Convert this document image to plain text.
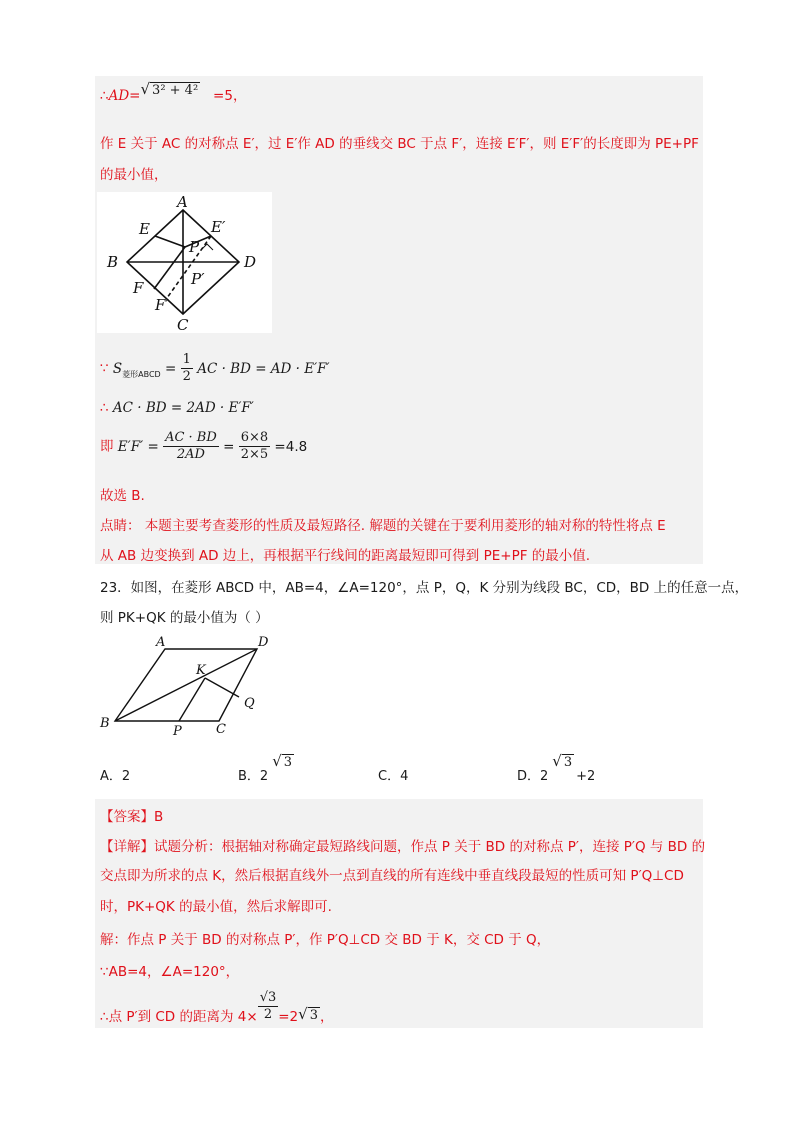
∴AD=√ 3² + 4² =5，
作 E 关于 AC 的对称点 E′，过 E′作 AD 的垂线交 BC 于点 F′，连接 E′F′，则 E′F′的长度即为 PE+PF
的最小值，
A
B
C
D
E	E′
F
F′
P
P′
∵ $S_{菱形ABCD} = \frac{1}{2}$ AC · BD = AD · E′F′
∴ AC · BD = 2AD · E′F′
即 $E'F' = \frac{AC \cdot BD}{2AD} = \frac{6\times 8}{2\times 5} =4.8$
故选 B.
点睛： 本题主要考查菱形的性质及最短路径. 解题的关键在于要利用菱形的轴对称的特性将点 E
从 AB 边变换到 AD 边上，再根据平行线间的距离最短即可得到 PE+PF 的最小值.
23．如图，在菱形 ABCD 中，AB=4，∠A=120°，点 P，Q，K 分别为线段 BC，CD，BD 上的任意一点，
则 PK+QK 的最小值为（ ）
A
B	C
D
K
P
Q
A．2	B．2√ 3
C．4	D．2√ 3+2
【答案】B
【详解】试题分析：根据轴对称确定最短路线问题，作点 P 关于 BD 的对称点 P′，连接 P′Q 与 BD 的
交点即为所求的点 K，然后根据直线外一点到直线的所有连线中垂直线段最短的性质可知 P′Q⊥CD
时，PK+QK 的最小值，然后求解即可.
解：作点 P 关于 BD 的对称点 P′，作 P′Q⊥CD 交 BD 于 K，交 CD 于 Q，
∵AB=4，∠A=120°，
∴点 P′到 CD 的距离为 $4\times \frac{√3}{2} =2√$ 3 ，
